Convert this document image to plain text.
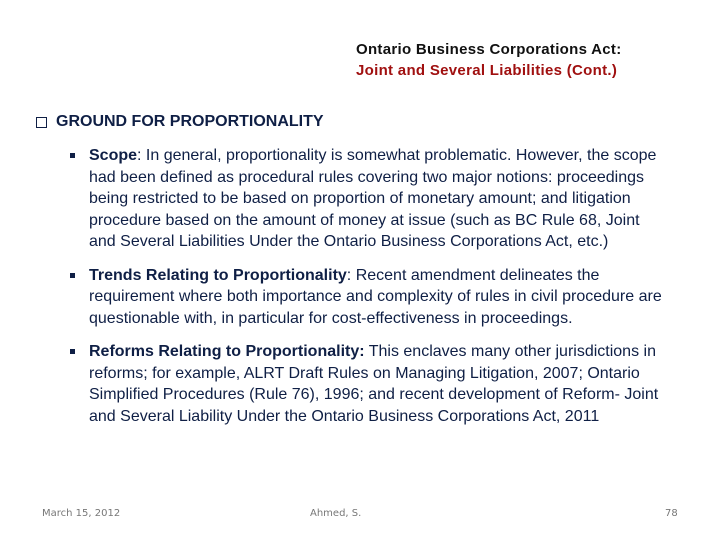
Ontario Business Corporations Act:
Joint and Several Liabilities (Cont.)
GROUND FOR PROPORTIONALITY
Scope: In general, proportionality is somewhat problematic. However, the scope had been defined as procedural rules covering two major notions: proceedings being restricted to be based on proportion of monetary amount; and litigation procedure based on the amount of money at issue (such as BC Rule 68, Joint and Several Liabilities Under the Ontario Business Corporations Act, etc.)
Trends Relating to Proportionality: Recent amendment delineates the requirement where both importance and complexity of rules in civil procedure are questionable with, in particular for cost-effectiveness in proceedings.
Reforms Relating to Proportionality: This enclaves many other jurisdictions in reforms; for example, ALRT Draft Rules on Managing Litigation, 2007; Ontario Simplified Procedures (Rule 76), 1996; and recent development of Reform- Joint and Several Liability Under the Ontario Business Corporations Act, 2011
March 15, 2012	Ahmed, S.	78
